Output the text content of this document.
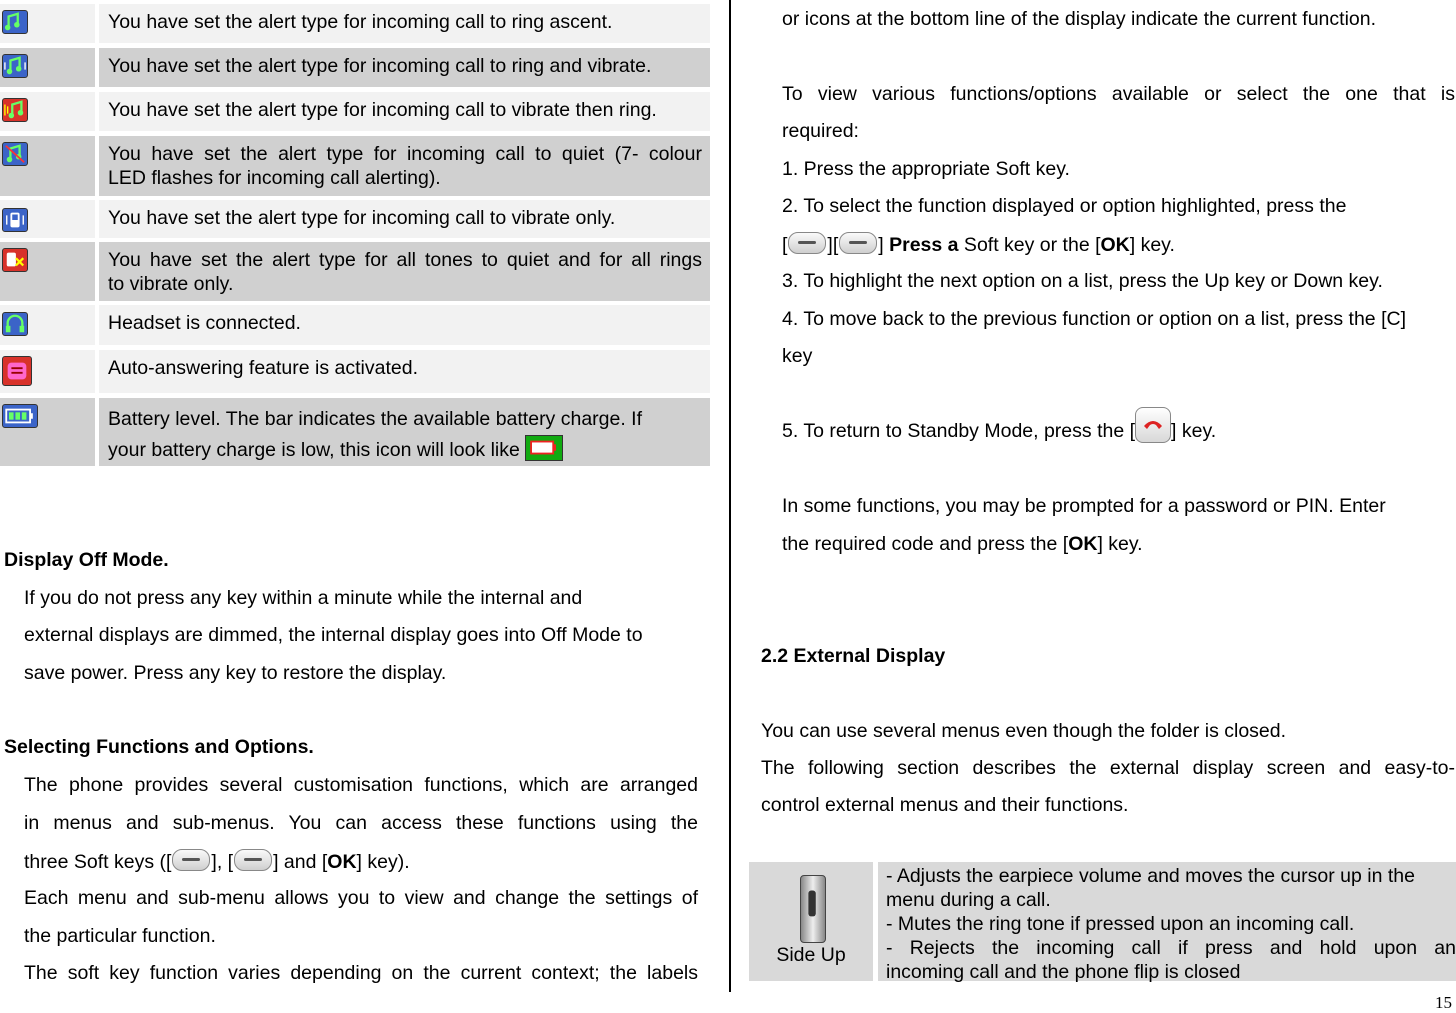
You have set the alert type for incoming call to ring ascent.
You have set the alert type for incoming call to ring and vibrate.
You have set the alert type for incoming call to vibrate then ring.
You have set the alert type for incoming call to quiet (7- colour
LED flashes for incoming call alerting).
You have set the alert type for incoming call to vibrate only.
You have set the alert type for all tones to quiet and for all rings
to vibrate only.
Headset is connected.
Auto-answering feature is activated.
Battery level. The bar indicates the available battery charge. If
your battery charge is low, this icon will look like
Display Off Mode.
If you do not press any key within a minute while the internal and
external displays are dimmed, the internal display goes into Off Mode to
save power. Press any key to restore the display.
Selecting Functions and Options.
The phone provides several customisation functions, which are arranged
in menus and sub-menus. You can access these functions using the
three Soft keys ([ ], [ ] and [OK] key).
Each menu and sub-menu allows you to view and change the settings of
the particular function.
The soft key function varies depending on the current context; the labels
or icons at the bottom line of the display indicate the current function.
To view various functions/options available or select the one that is
required:
1. Press the appropriate Soft key.
2. To select the function displayed or option highlighted, press the
[ ][ ] Press a Soft key or the [OK] key.
3. To highlight the next option on a list, press the Up key or Down key.
4. To move back to the previous function or option on a list, press the [C]
key
5. To return to Standby Mode, press the [ ] key.
In some functions, you may be prompted for a password or PIN. Enter
the required code and press the [OK] key.
2.2 External Display
You can use several menus even though the folder is closed.
The following section describes the external display screen and easy-to-
control external menus and their functions.
Side Up
- Adjusts the earpiece volume and moves the cursor up in the
menu during a call.
- Mutes the ring tone if pressed upon an incoming call.
- Rejects the incoming call if press and hold upon an
incoming call and the phone flip is closed
15
